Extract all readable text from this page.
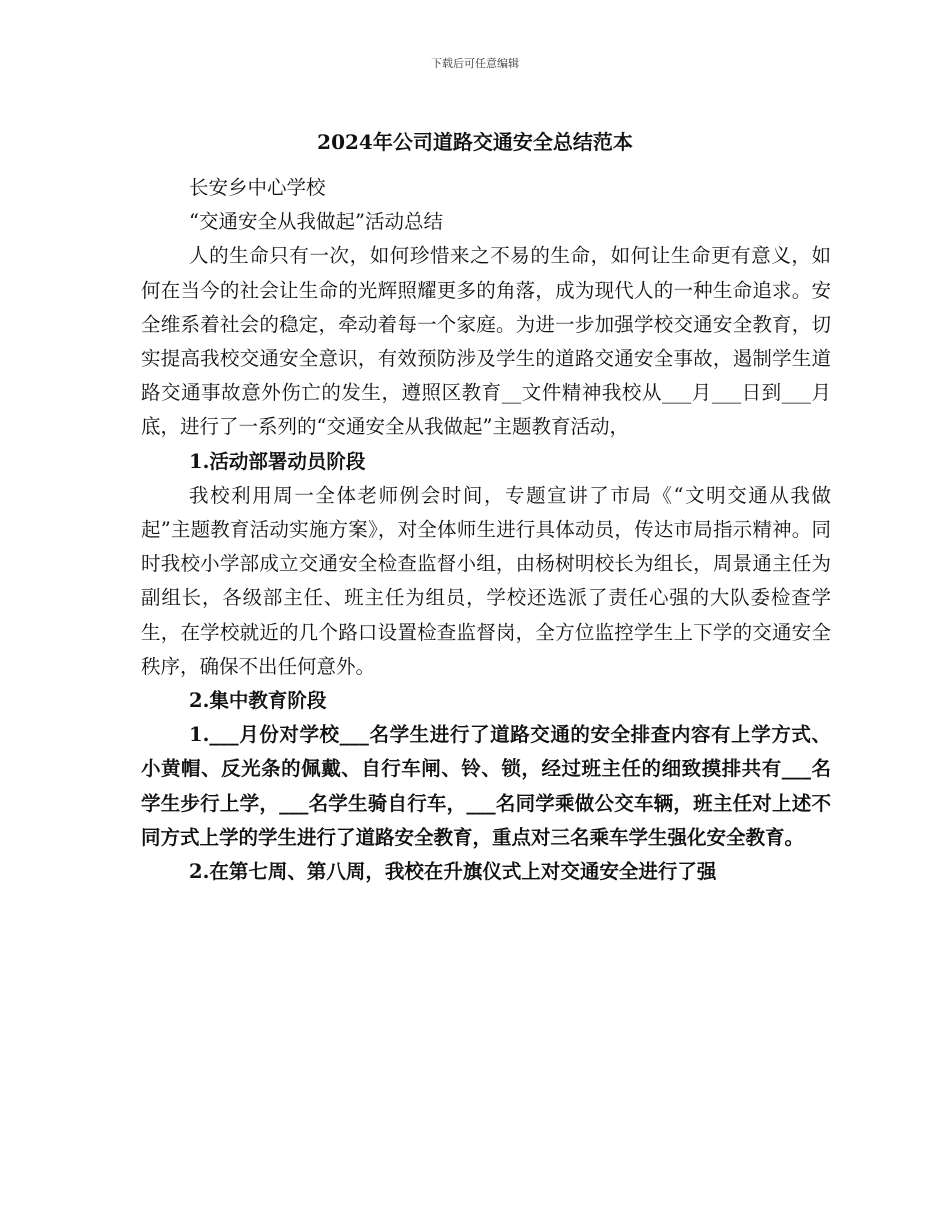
下载后可任意编辑
2024年公司道路交通安全总结范本

长安乡中心学校

“交通安全从我做起”活动总结

人的生命只有一次，如何珍惜来之不易的生命，如何让生命更有意义，如何在当今的社会让生命的光辉照耀更多的角落，成为现代人的一种生命追求。安全维系着社会的稳定，牵动着每一个家庭。为进一步加强学校交通安全教育，切实提高我校交通安全意识，有效预防涉及学生的道路交通安全事故，遏制学生道路交通事故意外伤亡的发生，遵照区教育__文件精神我校从___月___日到___月底，进行了一系列的“交通安全从我做起”主题教育活动，

1.活动部署动员阶段

我校利用周一全体老师例会时间，专题宣讲了市局《“文明交通从我做起”主题教育活动实施方案》，对全体师生进行具体动员，传达市局指示精神。同时我校小学部成立交通安全检查监督小组，由杨树明校长为组长，周景通主任为副组长，各级部主任、班主任为组员，学校还选派了责任心强的大队委检查学生，在学校就近的几个路口设置检查监督岗，全方位监控学生上下学的交通安全秩序，确保不出任何意外。

2.集中教育阶段

1.___月份对学校___名学生进行了道路交通的安全排查内容有上学方式、小黄帽、反光条的佩戴、自行车闸、铃、锁，经过班主任的细致摸排共有___名学生步行上学，___名学生骑自行车，___名同学乘做公交车辆，班主任对上述不同方式上学的学生进行了道路安全教育，重点对三名乘车学生强化安全教育。

2.在第七周、第八周，我校在升旗仪式上对交通安全进行了强
